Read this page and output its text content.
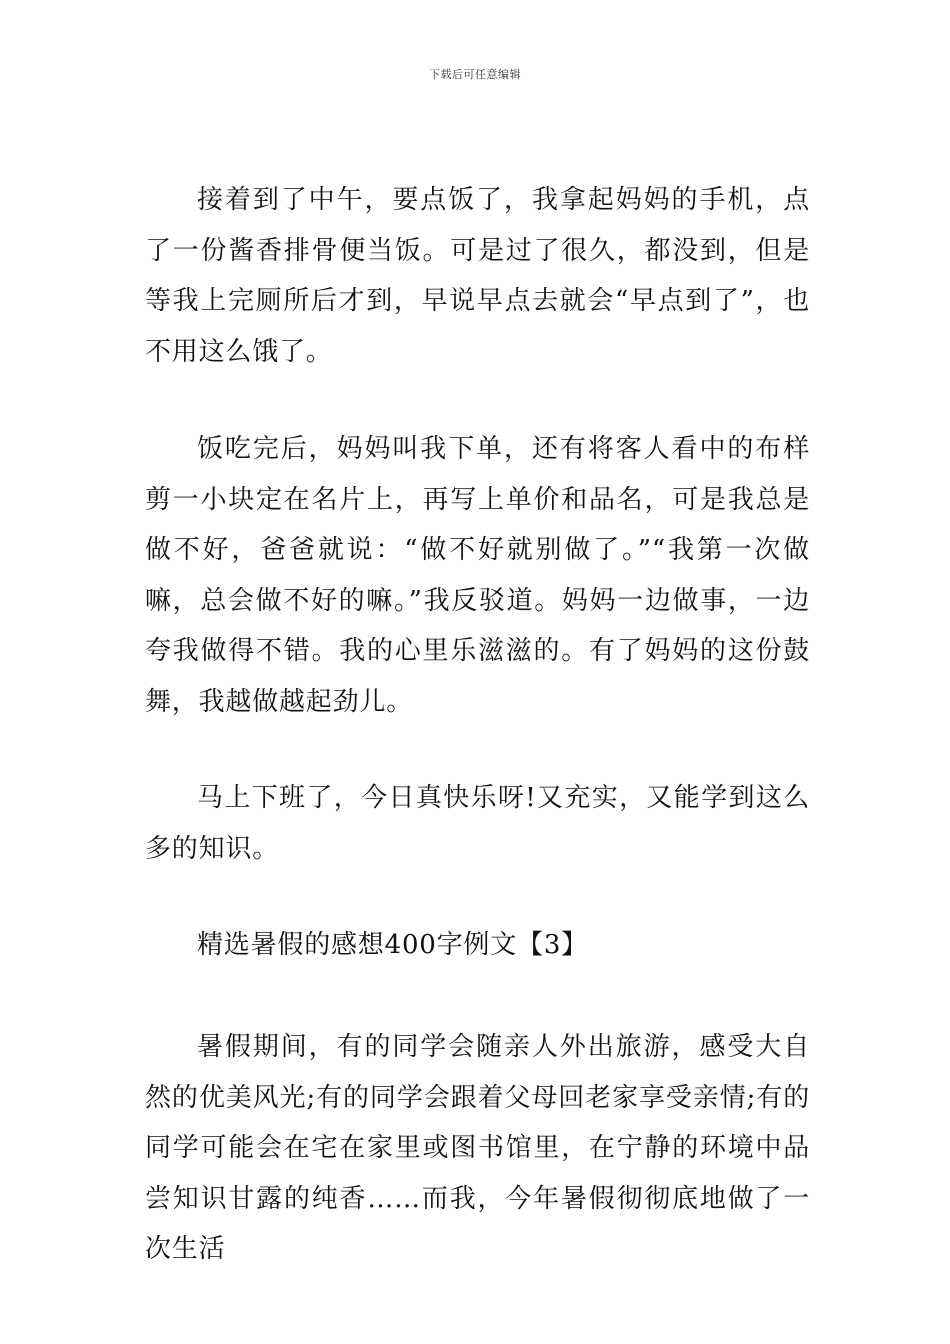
下载后可任意编辑

接着到了中午，要点饭了，我拿起妈妈的手机，点了一份酱香排骨便当饭。可是过了很久，都没到，但是等我上完厕所后才到，早说早点去就会“早点到了”，也不用这么饿了。

饭吃完后，妈妈叫我下单，还有将客人看中的布样剪一小块定在名片上，再写上单价和品名，可是我总是做不好，爸爸就说：“做不好就别做了。”“我第一次做嘛，总会做不好的嘛。”我反驳道。妈妈一边做事，一边夸我做得不错。我的心里乐滋滋的。有了妈妈的这份鼓舞，我越做越起劲儿。

马上下班了，今日真快乐呀!又充实，又能学到这么多的知识。

精选暑假的感想400字例文【3】

暑假期间，有的同学会随亲人外出旅游，感受大自然的优美风光;有的同学会跟着父母回老家享受亲情;有的同学可能会在宅在家里或图书馆里，在宁静的环境中品尝知识甘露的纯香……而我，今年暑假彻彻底地做了一次生活
